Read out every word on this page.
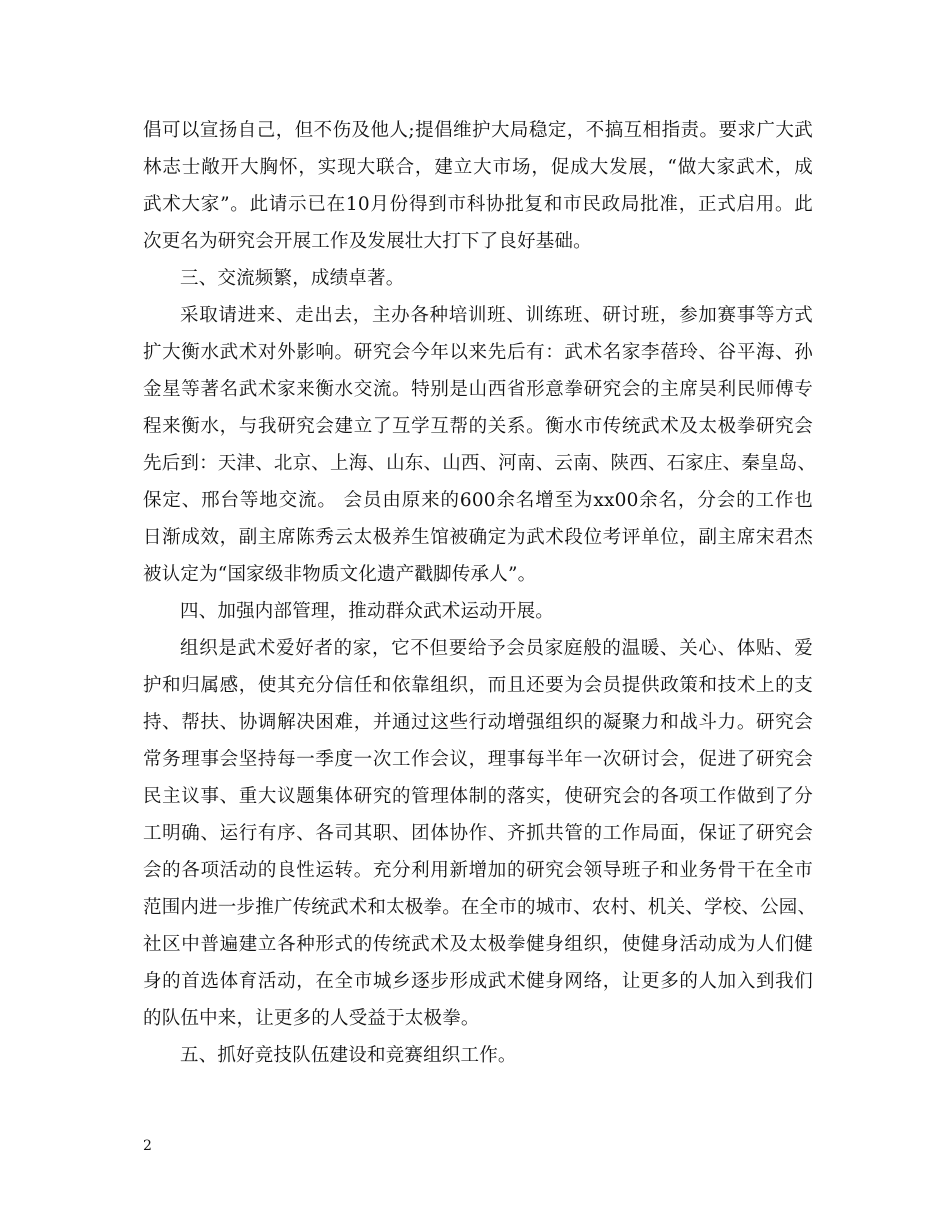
倡可以宣扬自己，但不伤及他人;提倡维护大局稳定，不搞互相指责。要求广大武
林志士敞开大胸怀，实现大联合，建立大市场，促成大发展，“做大家武术，成
武术大家”。此请示已在10月份得到市科协批复和市民政局批准，正式启用。此
次更名为研究会开展工作及发展壮大打下了良好基础。
三、交流频繁，成绩卓著。
采取请进来、走出去，主办各种培训班、训练班、研讨班，参加赛事等方式
扩大衡水武术对外影响。研究会今年以来先后有：武术名家李蓓玲、谷平海、孙
金星等著名武术家来衡水交流。特别是山西省形意拳研究会的主席吴利民师傅专
程来衡水，与我研究会建立了互学互帮的关系。衡水市传统武术及太极拳研究会
先后到：天津、北京、上海、山东、山西、河南、云南、陕西、石家庄、秦皇岛、
保定、邢台等地交流。 会员由原来的600余名增至为xx00余名，分会的工作也
日渐成效，副主席陈秀云太极养生馆被确定为武术段位考评单位，副主席宋君杰
被认定为“国家级非物质文化遗产戳脚传承人”。
四、加强内部管理，推动群众武术运动开展。
组织是武术爱好者的家，它不但要给予会员家庭般的温暖、关心、体贴、爱
护和归属感，使其充分信任和依靠组织，而且还要为会员提供政策和技术上的支
持、帮扶、协调解决困难，并通过这些行动增强组织的凝聚力和战斗力。研究会
常务理事会坚持每一季度一次工作会议，理事每半年一次研讨会，促进了研究会
民主议事、重大议题集体研究的管理体制的落实，使研究会的各项工作做到了分
工明确、运行有序、各司其职、团体协作、齐抓共管的工作局面，保证了研究会
会的各项活动的良性运转。充分利用新增加的研究会领导班子和业务骨干在全市
范围内进一步推广传统武术和太极拳。在全市的城市、农村、机关、学校、公园、
社区中普遍建立各种形式的传统武术及太极拳健身组织，使健身活动成为人们健
身的首选体育活动，在全市城乡逐步形成武术健身网络，让更多的人加入到我们
的队伍中来，让更多的人受益于太极拳。
五、抓好竞技队伍建设和竞赛组织工作。
2
